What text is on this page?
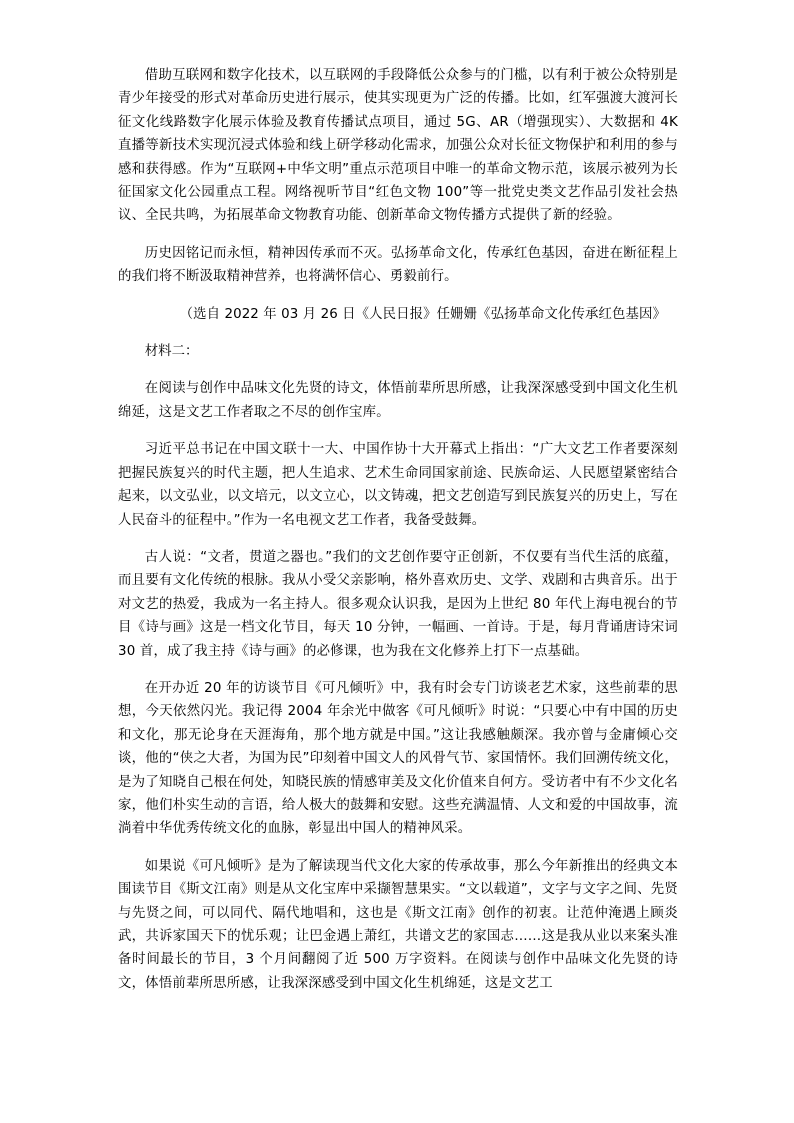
借助互联网和数字化技术，以互联网的手段降低公众参与的门槛，以有利于被公众特别是青少年接受的形式对革命历史进行展示，使其实现更为广泛的传播。比如，红军强渡大渡河长征文化线路数字化展示体验及教育传播试点项目，通过 5G、AR（增强现实）、大数据和 4K 直播等新技术实现沉浸式体验和线上研学移动化需求，加强公众对长征文物保护和利用的参与感和获得感。作为“互联网+中华文明”重点示范项目中唯一的革命文物示范，该展示被列为长征国家文化公园重点工程。网络视听节目“红色文物 100”等一批党史类文艺作品引发社会热议、全民共鸣，为拓展革命文物教育功能、创新革命文物传播方式提供了新的经验。

历史因铭记而永恒，精神因传承而不灭。弘扬革命文化，传承红色基因，奋进在断征程上的我们将不断汲取精神营养，也将满怀信心、勇毅前行。

（选自 2022 年 03 月 26 日《人民日报》任姗姗《弘扬革命文化传承红色基因》

材料二：

在阅读与创作中品味文化先贤的诗文，体悟前辈所思所感，让我深深感受到中国文化生机绵延，这是文艺工作者取之不尽的创作宝库。

习近平总书记在中国文联十一大、中国作协十大开幕式上指出：“广大文艺工作者要深刻把握民族复兴的时代主题，把人生追求、艺术生命同国家前途、民族命运、人民愿望紧密结合起来，以文弘业，以文培元，以文立心，以文铸魂，把文艺创造写到民族复兴的历史上，写在人民奋斗的征程中。”作为一名电视文艺工作者，我备受鼓舞。

古人说：“文者，贯道之器也。”我们的文艺创作要守正创新，不仅要有当代生活的底蕴，而且要有文化传统的根脉。我从小受父亲影响，格外喜欢历史、文学、戏剧和古典音乐。出于对文艺的热爱，我成为一名主持人。很多观众认识我，是因为上世纪 80 年代上海电视台的节目《诗与画》这是一档文化节目，每天 10 分钟，一幅画、一首诗。于是，每月背诵唐诗宋词 30 首，成了我主持《诗与画》的必修课，也为我在文化修养上打下一点基础。

在开办近 20 年的访谈节目《可凡倾听》中，我有时会专门访谈老艺术家，这些前辈的思想，今天依然闪光。我记得 2004 年余光中做客《可凡倾听》时说：“只要心中有中国的历史和文化，那无论身在天涯海角，那个地方就是中国。”这让我感触颇深。我亦曾与金庸倾心交谈，他的“侠之大者，为国为民”印刻着中国文人的风骨气节、家国情怀。我们回溯传统文化，是为了知晓自己根在何处，知晓民族的情感审美及文化价值来自何方。受访者中有不少文化名家，他们朴实生动的言语，给人极大的鼓舞和安慰。这些充满温情、人文和爱的中国故事，流淌着中华优秀传统文化的血脉，彰显出中国人的精神风采。

如果说《可凡倾听》是为了解读现当代文化大家的传承故事，那么今年新推出的经典文本围读节目《斯文江南》则是从文化宝库中采撷智慧果实。“文以载道”，文字与文字之间、先贤与先贤之间，可以同代、隔代地唱和，这也是《斯文江南》创作的初衷。让范仲淹遇上顾炎武，共诉家国天下的忧乐观；让巴金遇上萧红，共谱文艺的家国志……这是我从业以来案头准备时间最长的节目，3 个月间翻阅了近 500 万字资料。在阅读与创作中品味文化先贤的诗文，体悟前辈所思所感，让我深深感受到中国文化生机绵延，这是文艺工
